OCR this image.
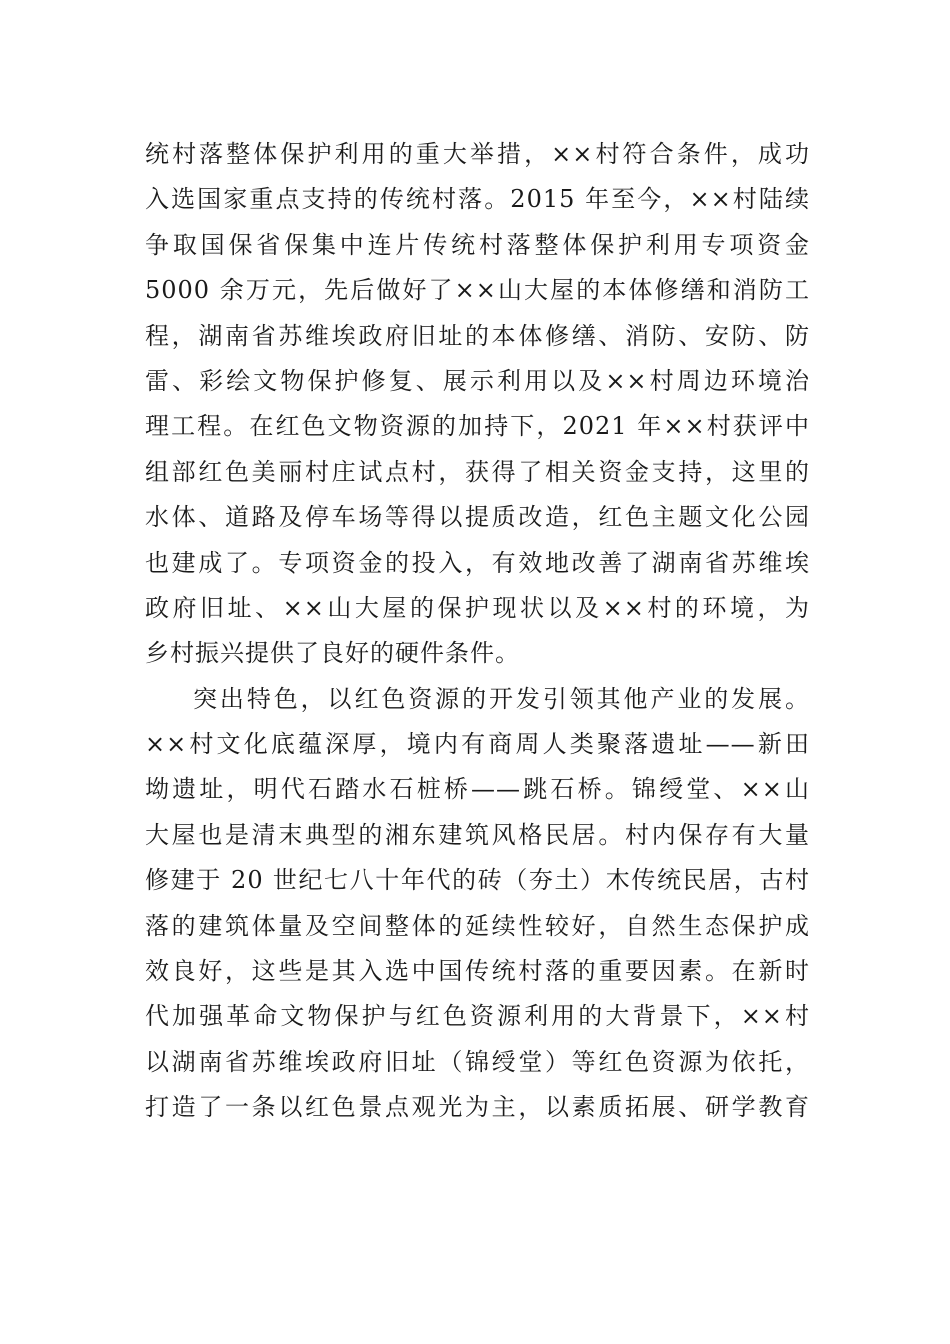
统村落整体保护利用的重大举措，××村符合条件，成功
入选国家重点支持的传统村落。2015 年至今，××村陆续
争取国保省保集中连片传统村落整体保护利用专项资金
5000 余万元，先后做好了××山大屋的本体修缮和消防工
程，湖南省苏维埃政府旧址的本体修缮、消防、安防、防
雷、彩绘文物保护修复、展示利用以及××村周边环境治
理工程。在红色文物资源的加持下，2021 年××村获评中
组部红色美丽村庄试点村，获得了相关资金支持，这里的
水体、道路及停车场等得以提质改造，红色主题文化公园
也建成了。专项资金的投入，有效地改善了湖南省苏维埃
政府旧址、××山大屋的保护现状以及××村的环境，为
乡村振兴提供了良好的硬件条件。
突出特色，以红色资源的开发引领其他产业的发展。
××村文化底蕴深厚，境内有商周人类聚落遗址——新田
坳遗址，明代石踏水石桩桥——跳石桥。锦绶堂、××山
大屋也是清末典型的湘东建筑风格民居。村内保存有大量
修建于 20 世纪七八十年代的砖（夯土）木传统民居，古村
落的建筑体量及空间整体的延续性较好，自然生态保护成
效良好，这些是其入选中国传统村落的重要因素。在新时
代加强革命文物保护与红色资源利用的大背景下，××村
以湖南省苏维埃政府旧址（锦绶堂）等红色资源为依托，
打造了一条以红色景点观光为主，以素质拓展、研学教育
